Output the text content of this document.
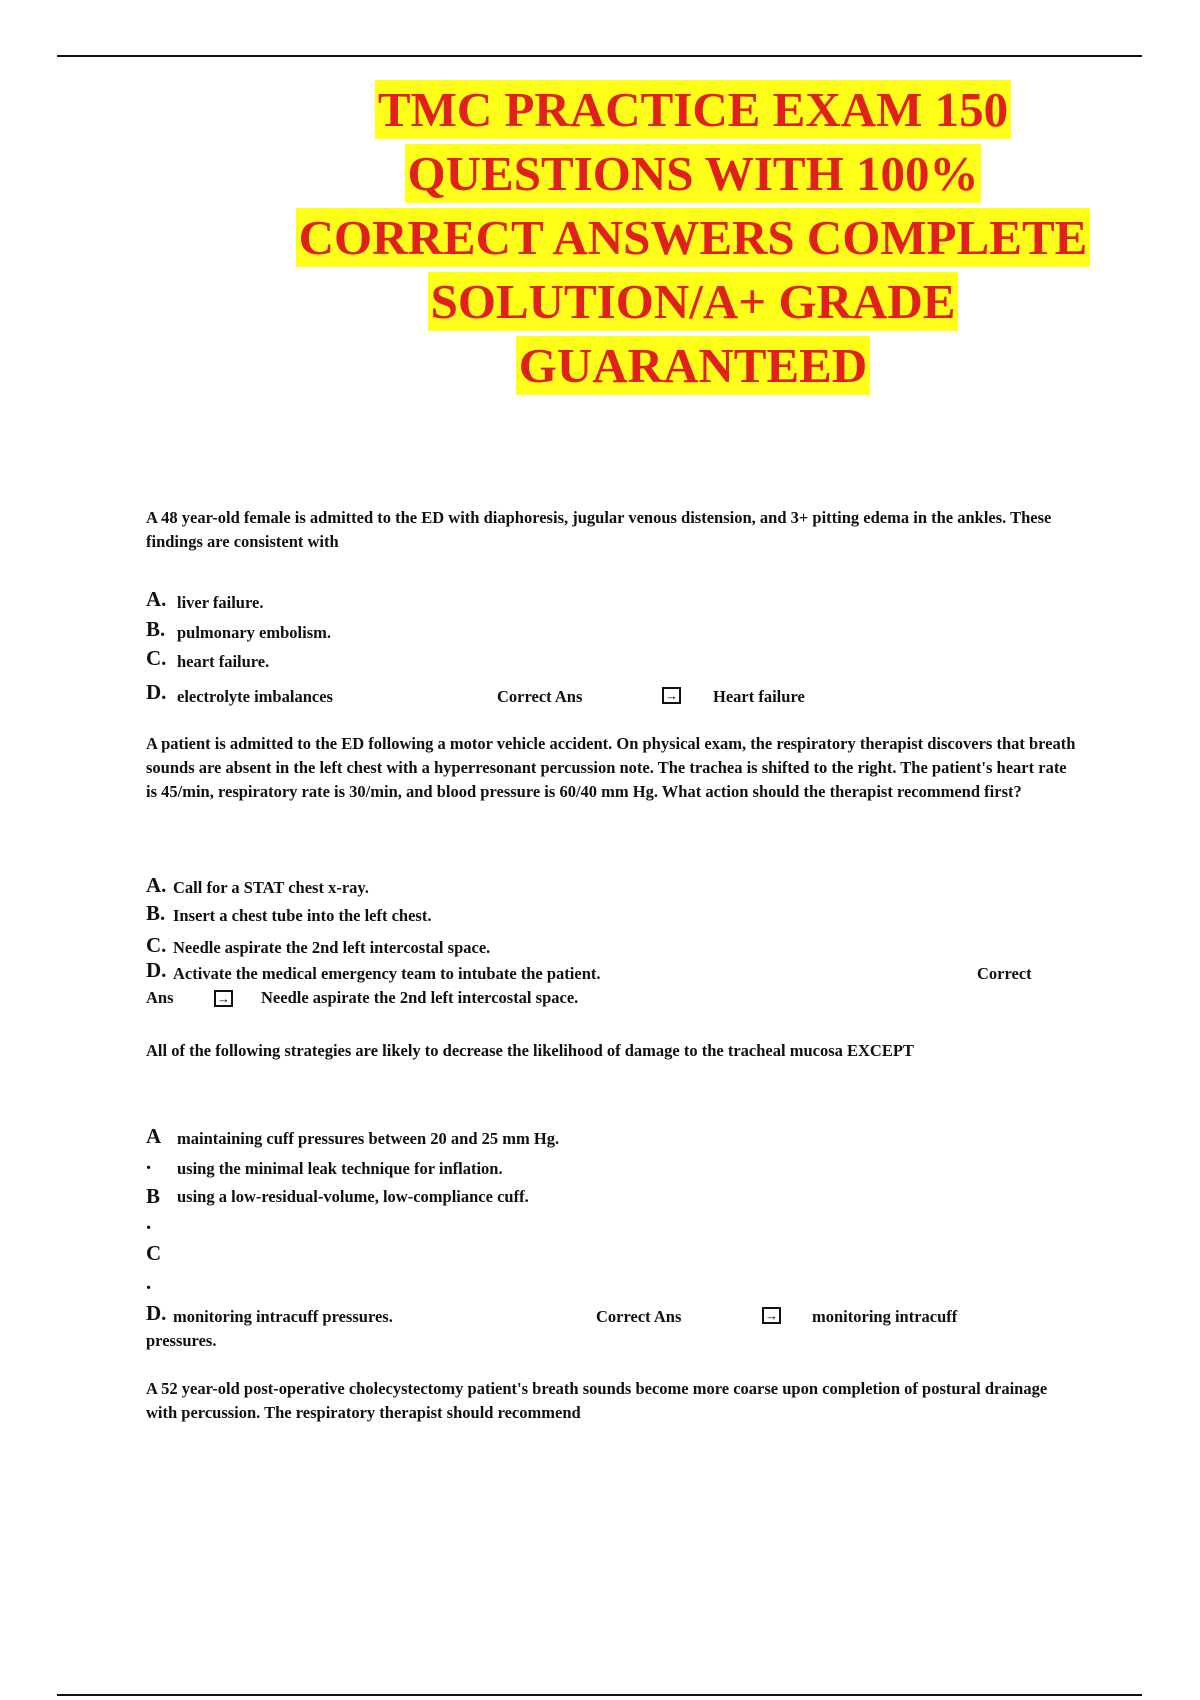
TMC PRACTICE EXAM 150
QUESTIONS WITH 100%
CORRECT ANSWERS COMPLETE
SOLUTION/A+ GRADE
GUARANTEED
A 48 year-old female is admitted to the ED with diaphoresis, jugular venous distension, and 3+ pitting edema in the ankles. These findings are consistent with
A. liver failure.
B. pulmonary embolism.
C. heart failure.
D. electrolyte imbalances	Correct Ans	→ Heart failure
A patient is admitted to the ED following a motor vehicle accident. On physical exam, the respiratory therapist discovers that breath sounds are absent in the left chest with a hyperresonant percussion note. The trachea is shifted to the right. The patient's heart rate is 45/min, respiratory rate is 30/min, and blood pressure is 60/40 mm Hg. What action should the therapist recommend first?
A. Call for a STAT chest x-ray.
B. Insert a chest tube into the left chest.
C. Needle aspirate the 2nd left intercostal space.
D. Activate the medical emergency team to intubate the patient.	Correct
Ans	→ Needle aspirate the 2nd left intercostal space.
All of the following strategies are likely to decrease the likelihood of damage to the tracheal mucosa EXCEPT
A
.
B
.
C
.
maintaining cuff pressures between 20 and 25 mm Hg.
using the minimal leak technique for inflation.
using a low-residual-volume, low-compliance cuff.
D. monitoring intracuff pressures.	Correct Ans	→ monitoring intracuff
pressures.
A 52 year-old post-operative cholecystectomy patient's breath sounds become more coarse upon completion of postural drainage with percussion. The respiratory therapist should recommend
